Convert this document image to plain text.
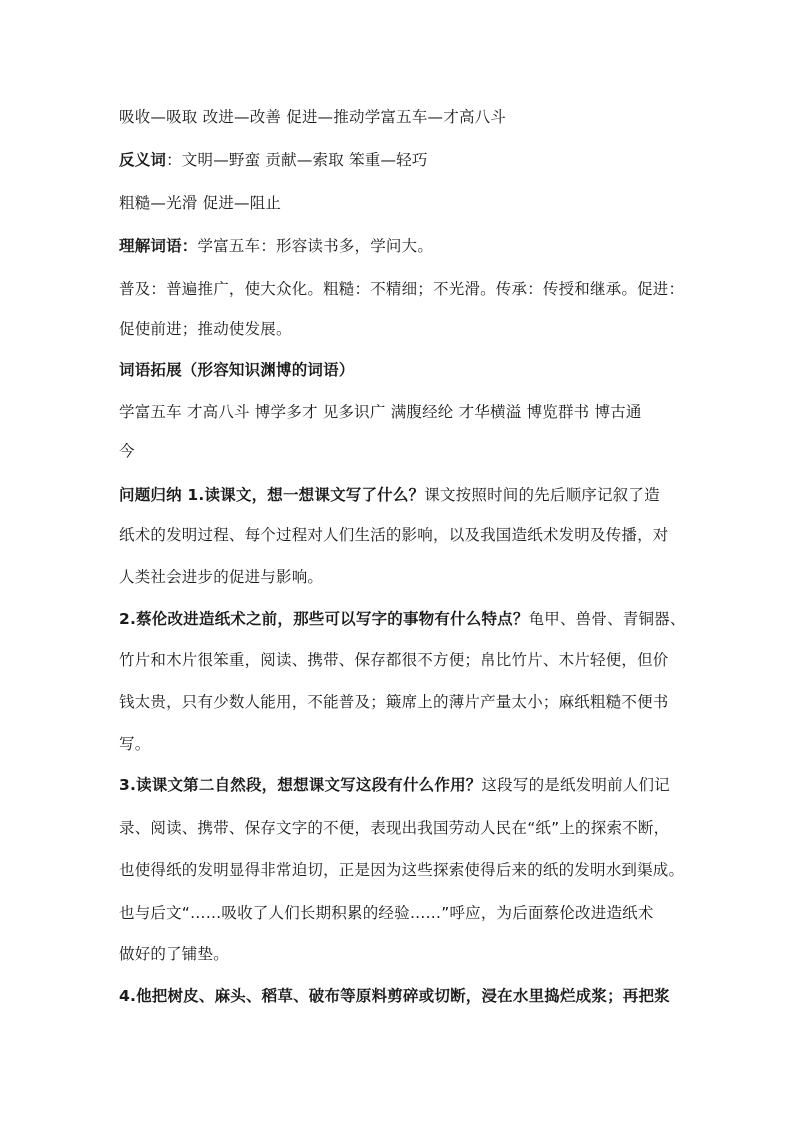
吸收—吸取 改进—改善 促进—推动学富五车—才高八斗
反义词：文明—野蛮 贡献—索取 笨重—轻巧
粗糙—光滑 促进—阻止
理解词语：学富五车：形容读书多，学问大。
普及：普遍推广，使大众化。粗糙：不精细；不光滑。传承：传授和继承。促进：
促使前进；推动使发展。
词语拓展（形容知识渊博的词语）
学富五车 才高八斗 博学多才 见多识广 满腹经纶 才华横溢 博览群书 博古通
今
问题归纳 1.读课文，想一想课文写了什么？课文按照时间的先后顺序记叙了造
纸术的发明过程、每个过程对人们生活的影响，以及我国造纸术发明及传播，对
人类社会进步的促进与影响。
2.蔡伦改进造纸术之前，那些可以写字的事物有什么特点？龟甲、兽骨、青铜器、
竹片和木片很笨重，阅读、携带、保存都很不方便；帛比竹片、木片轻便，但价
钱太贵，只有少数人能用，不能普及；簸席上的薄片产量太小；麻纸粗糙不便书
写。
3.读课文第二自然段，想想课文写这段有什么作用？这段写的是纸发明前人们记
录、阅读、携带、保存文字的不便，表现出我国劳动人民在“纸”上的探索不断，
也使得纸的发明显得非常迫切，正是因为这些探索使得后来的纸的发明水到渠成。
也与后文“……吸收了人们长期积累的经验……”呼应，为后面蔡伦改进造纸术
做好的了铺垫。
4.他把树皮、麻头、稻草、破布等原料剪碎或切断，浸在水里捣烂成浆；再把浆
